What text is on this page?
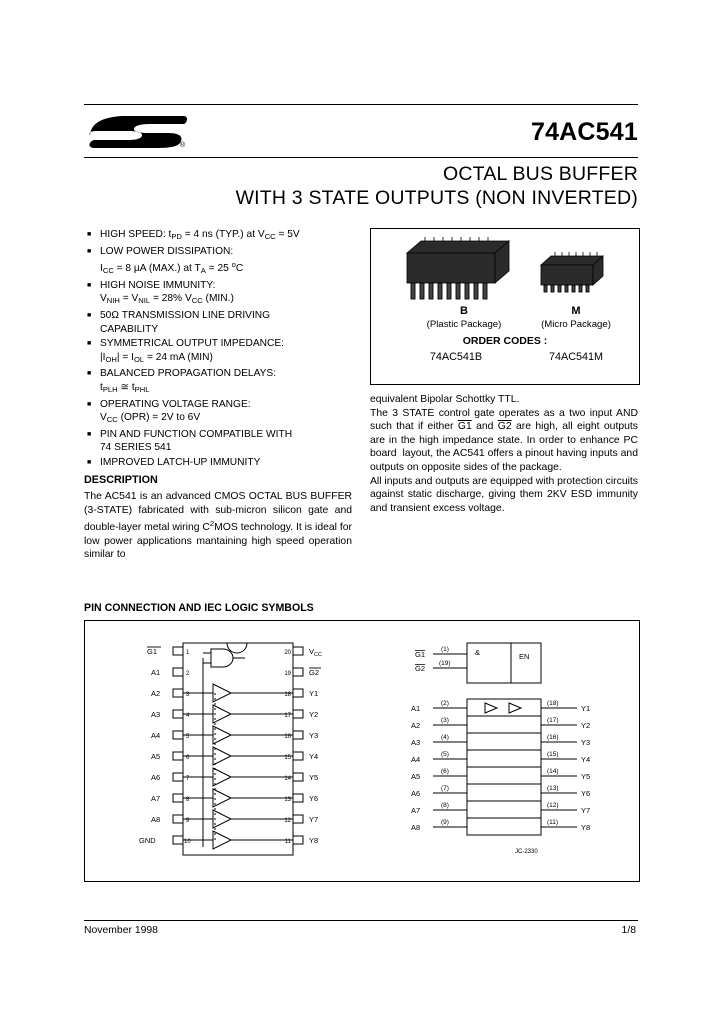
®	74AC541
OCTAL BUS BUFFER
WITH 3 STATE OUTPUTS (NON INVERTED)
■ HIGH SPEED: $t_{PD} = 4$ ns (TYP.) at $V_{CC} = 5V$
■ LOW POWER DISSIPATION:
$I_{CC} = 8$ µA (MAX.) at $T_A = 25$ $^o$C
■ HIGH NOISE IMMUNITY:
$V_{NIH} = V_{NIL} = 28\%$ $V_{CC}$ (MIN.)
■ 50Ω TRANSMISSION LINE DRIVING
CAPABILITY
■ SYMMETRICAL OUTPUT IMPEDANCE:
$|I_{OH}| = I_{OL} = 24$ mA (MIN)
■ BALANCED PROPAGATION DELAYS:
$t_{PLH}$ ≅ $t_{PHL}$
■ OPERATING VOLTAGE RANGE:
$V_{CC}$ (OPR) = 2V to 6V
■ PIN AND FUNCTION COMPATIBLE WITH
74 SERIES 541
■ IMPROVED LATCH-UP IMMUNITY
B	M
(Plastic Package)	(Micro Package)
ORDER CODES :
74AC541B	74AC541M
DESCRIPTION
The AC541 is an advanced CMOS OCTAL BUS BUFFER (3-STATE) fabricated with sub-micron silicon gate and double-layer metal wiring $C^2MOS$ technology. It is ideal for low power applications mantaining high speed operation similar to
equivalent Bipolar Schottky TTL.
The 3 STATE control gate operates as a two input AND such that if either G1 and G2 are high, all eight outputs are in the high impedance state. In order to enhance PC board  layout, the AC541 offers a pinout having inputs and outputs on opposite sides of the package.
All inputs and outputs are equipped with protection circuits against static discharge, giving them 2KV ESD immunity and transient excess voltage.
PIN CONNECTION AND IEC LOGIC SYMBOLS
G1
A1
A2
A3
A4
A5
A6
A7
A8
GND
1
2
3
4
5
6
7
8
9
10
20
19
18
17
16
15
14
13
12
11
$V_{CC}$
G2
Y1
Y2
Y3
Y4
Y5
Y6
Y7
Y8
&	EN
G1
G2
(1)
(19)
A1
A2
A3
A4
A5
A6
A7
A8
(2)
(3)
(4)
(5)
(6)
(7)
(8)
(9)
(18)
(17)
(16)
(15)
(14)
(13)
(12)
(11)
Y1
Y2
Y3
Y4
Y5
Y6
Y7
Y8
JC-2330
November 1998	1/8
